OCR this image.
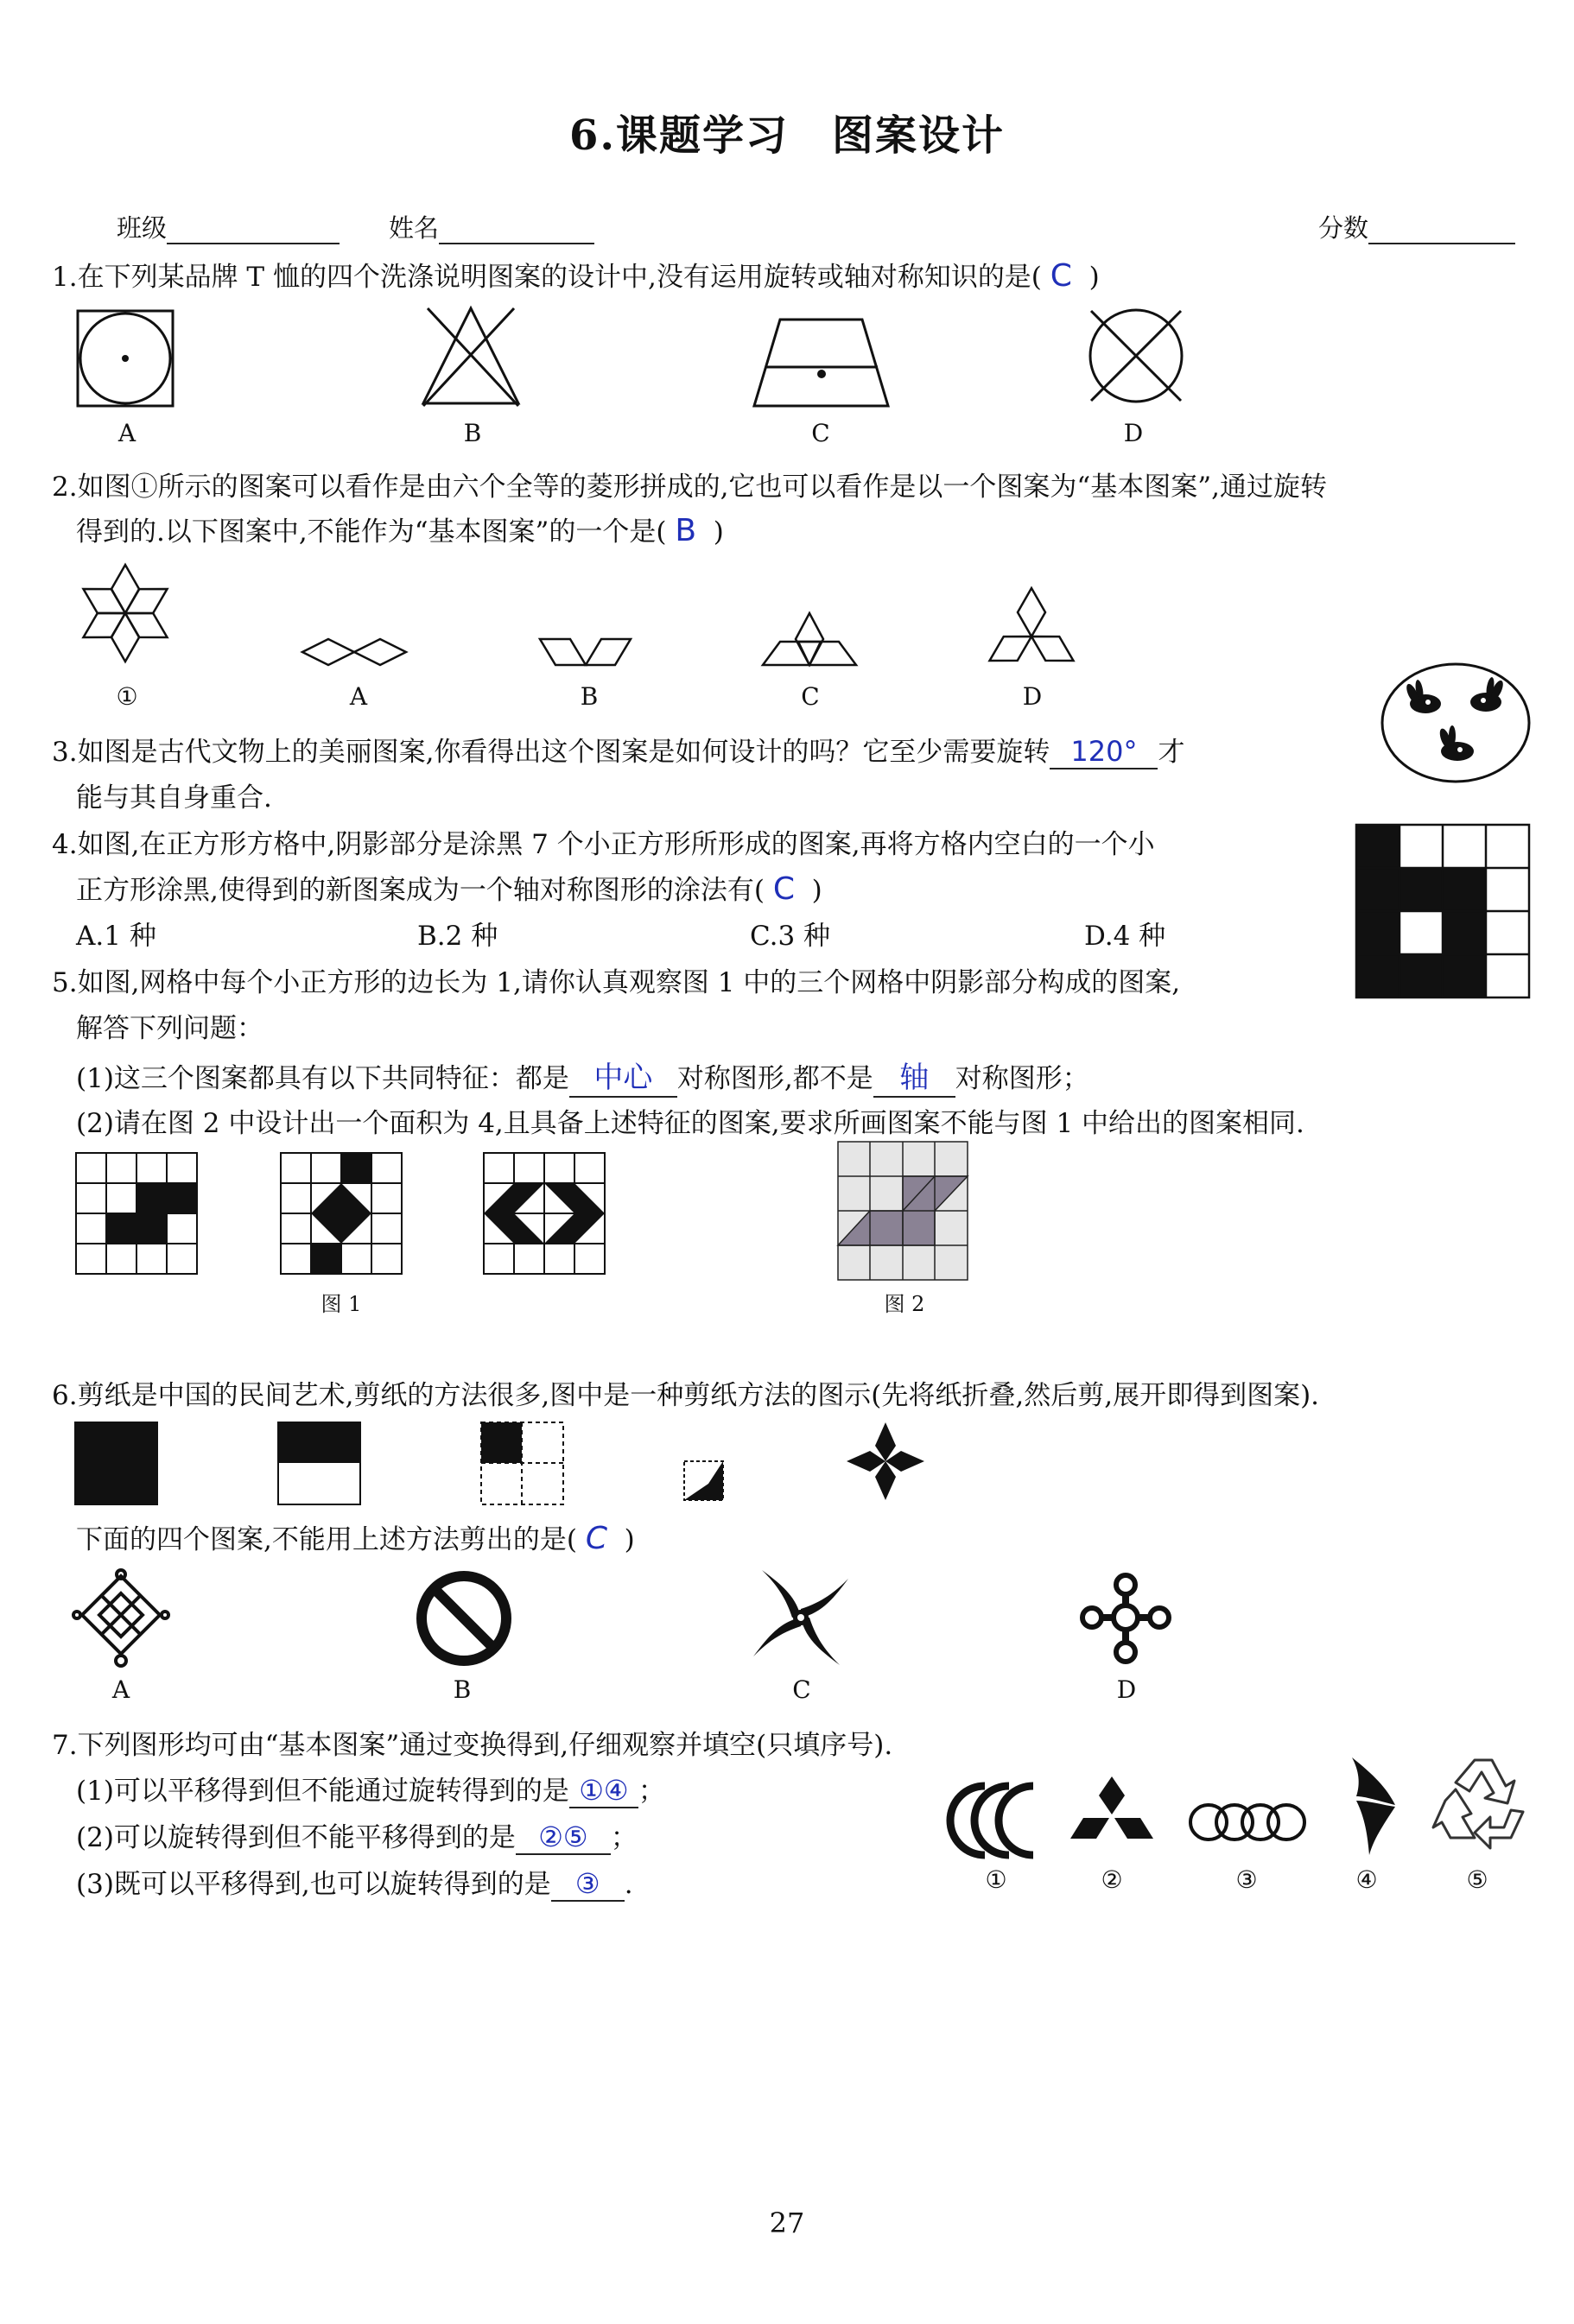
6.课题学习　图案设计
班级	姓名	分数
1.在下列某品牌 T 恤的四个洗涤说明图案的设计中,没有运用旋转或轴对称知识的是( C )
A	B	C	D
2.如图①所示的图案可以看作是由六个全等的菱形拼成的,它也可以看作是以一个图案为“基本图案”,通过旋转
得到的.以下图案中,不能作为“基本图案”的一个是( B )
①	A	B	C	D
3.如图是古代文物上的美丽图案,你看得出这个图案是如何设计的吗？它至少需要旋转 120° 才
能与其自身重合.
4.如图,在正方形方格中,阴影部分是涂黑 7 个小正方形所形成的图案,再将方格内空白的一个小
正方形涂黑,使得到的新图案成为一个轴对称图形的涂法有( C )
A.1 种	B.2 种	C.3 种	D.4 种
5.如图,网格中每个小正方形的边长为 1,请你认真观察图 1 中的三个网格中阴影部分构成的图案,
解答下列问题：
(1)这三个图案都具有以下共同特征：都是 中心 对称图形,都不是 轴 对称图形；
(2)请在图 2 中设计出一个面积为 4,且具备上述特征的图案,要求所画图案不能与图 1 中给出的图案相同.
图 1	图 2
6.剪纸是中国的民间艺术,剪纸的方法很多,图中是一种剪纸方法的图示(先将纸折叠,然后剪,展开即得到图案).
下面的四个图案,不能用上述方法剪出的是( C )
A	B	C	D
7.下列图形均可由“基本图案”通过变换得到,仔细观察并填空(只填序号).
(1)可以平移得到但不能通过旋转得到的是 ①④ ；
(2)可以旋转得到但不能平移得到的是 ②⑤ ；
(3)既可以平移得到,也可以旋转得到的是 ③ .	①	②	③	④	⑤
27
